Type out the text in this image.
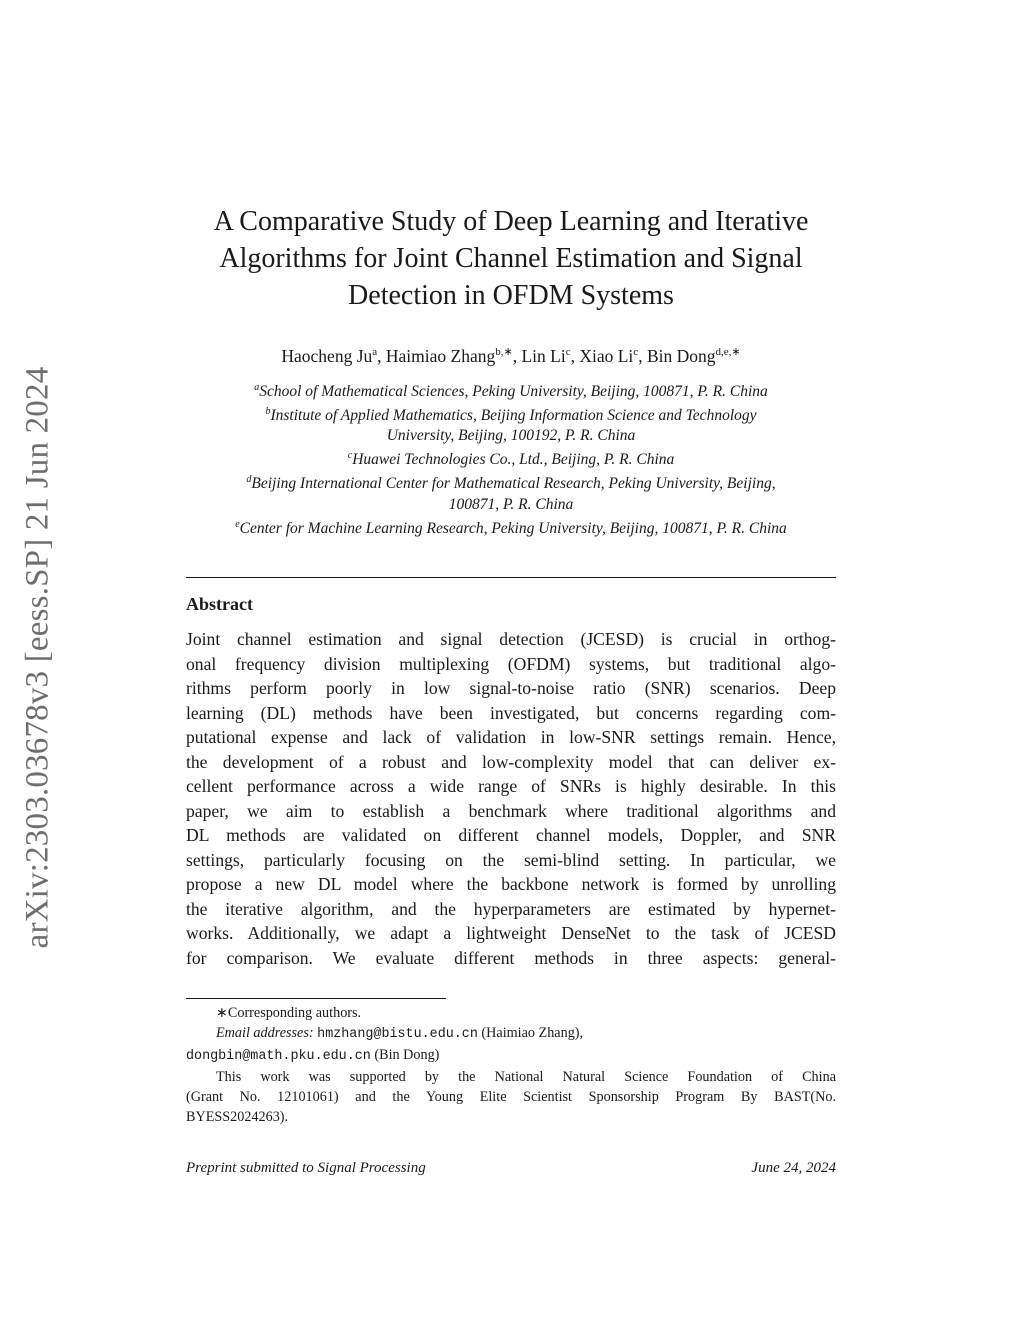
arXiv:2303.03678v3 [eess.SP] 21 Jun 2024
A Comparative Study of Deep Learning and Iterative
Algorithms for Joint Channel Estimation and Signal
Detection in OFDM Systems
Haocheng Ju$^a$, Haimiao Zhang$^{b,∗}$, Lin Li$^c$, Xiao Li$^c$, Bin Dong$^{d,e,∗}$
$^a$School of Mathematical Sciences, Peking University, Beijing, 100871, P. R. China
$^b$Institute of Applied Mathematics, Beijing Information Science and Technology
University, Beijing, 100192, P. R. China
$^c$Huawei Technologies Co., Ltd., Beijing, P. R. China
$^d$Beijing International Center for Mathematical Research, Peking University, Beijing,
100871, P. R. China
$^e$Center for Machine Learning Research, Peking University, Beijing, 100871, P. R. China
Abstract
Joint channel estimation and signal detection (JCESD) is crucial in orthog-
onal frequency division multiplexing (OFDM) systems, but traditional algo-
rithms perform poorly in low signal-to-noise ratio (SNR) scenarios. Deep
learning (DL) methods have been investigated, but concerns regarding com-
putational expense and lack of validation in low-SNR settings remain. Hence,
the development of a robust and low-complexity model that can deliver ex-
cellent performance across a wide range of SNRs is highly desirable. In this
paper, we aim to establish a benchmark where traditional algorithms and
DL methods are validated on different channel models, Doppler, and SNR
settings, particularly focusing on the semi-blind setting. In particular, we
propose a new DL model where the backbone network is formed by unrolling
the iterative algorithm, and the hyperparameters are estimated by hypernet-
works. Additionally, we adapt a lightweight DenseNet to the task of JCESD
for comparison. We evaluate different methods in three aspects: general-
∗Corresponding authors.
Email addresses: hmzhang@bistu.edu.cn (Haimiao Zhang),
dongbin@math.pku.edu.cn (Bin Dong)
This work was supported by the National Natural Science Foundation of China
(Grant No. 12101061) and the Young Elite Scientist Sponsorship Program By BAST(No.
BYESS2024263).
Preprint submitted to Signal Processing	June 24, 2024
